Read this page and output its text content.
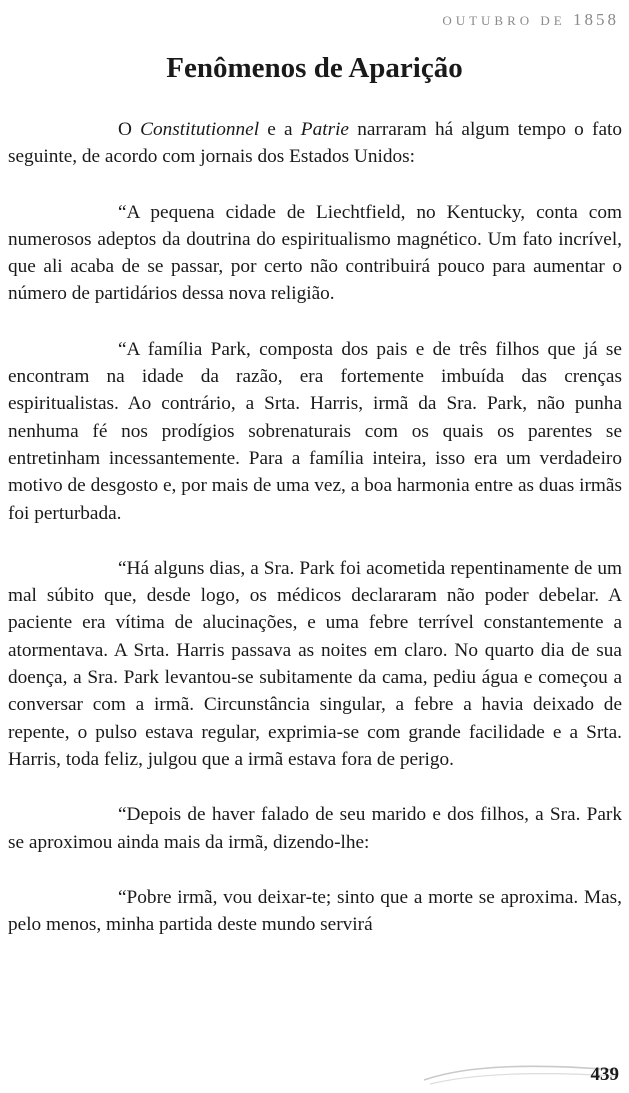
OUTUBRO DE 1858
Fenômenos de Aparição

O Constitutionnel e a Patrie narraram há algum tempo o fato seguinte, de acordo com jornais dos Estados Unidos:

“A pequena cidade de Liechtfield, no Kentucky, conta com numerosos adeptos da doutrina do espiritualismo magnético. Um fato incrível, que ali acaba de se passar, por certo não contribuirá pouco para aumentar o número de partidários dessa nova religião.

“A família Park, composta dos pais e de três filhos que já se encontram na idade da razão, era fortemente imbuída das crenças espiritualistas. Ao contrário, a Srta. Harris, irmã da Sra. Park, não punha nenhuma fé nos prodígios sobrenaturais com os quais os parentes se entretinham incessantemente. Para a família inteira, isso era um verdadeiro motivo de desgosto e, por mais de uma vez, a boa harmonia entre as duas irmãs foi perturbada.

“Há alguns dias, a Sra. Park foi acometida repentinamente de um mal súbito que, desde logo, os médicos declararam não poder debelar. A paciente era vítima de alucinações, e uma febre terrível constantemente a atormentava. A Srta. Harris passava as noites em claro. No quarto dia de sua doença, a Sra. Park levantou-se subitamente da cama, pediu água e começou a conversar com a irmã. Circunstância singular, a febre a havia deixado de repente, o pulso estava regular, exprimia-se com grande facilidade e a Srta. Harris, toda feliz, julgou que a irmã estava fora de perigo.

“Depois de haver falado de seu marido e dos filhos, a Sra. Park se aproximou ainda mais da irmã, dizendo-lhe:

“Pobre irmã, vou deixar-te; sinto que a morte se aproxima. Mas, pelo menos, minha partida deste mundo servirá

439
